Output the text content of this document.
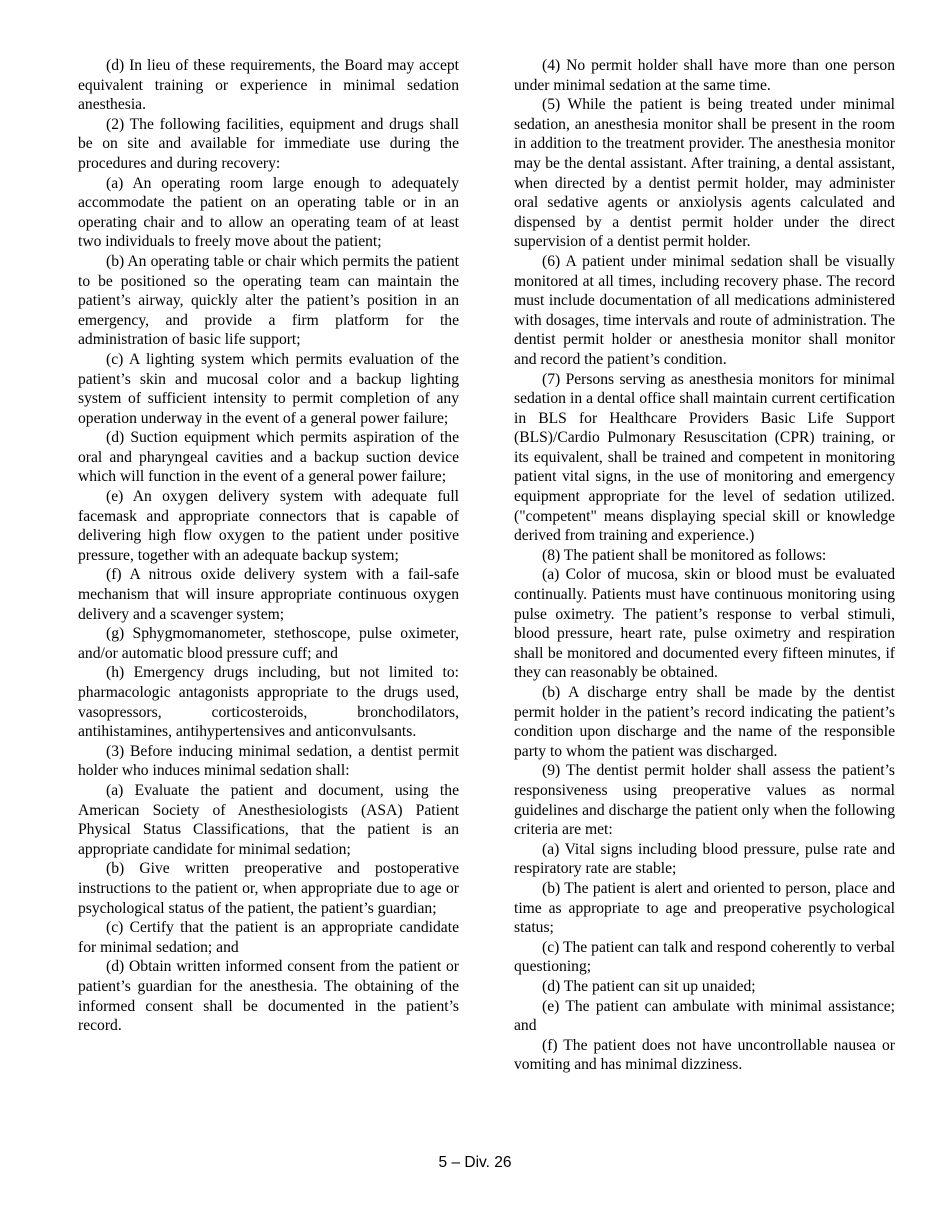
(d) In lieu of these requirements, the Board may accept equivalent training or experience in minimal sedation anesthesia.

(2) The following facilities, equipment and drugs shall be on site and available for immediate use during the procedures and during recovery:

(a) An operating room large enough to adequately accommodate the patient on an operating table or in an operating chair and to allow an operating team of at least two individuals to freely move about the patient;

(b) An operating table or chair which permits the patient to be positioned so the operating team can maintain the patient’s airway, quickly alter the patient’s position in an emergency, and provide a firm platform for the administration of basic life support;

(c) A lighting system which permits evaluation of the patient’s skin and mucosal color and a backup lighting system of sufficient intensity to permit completion of any operation underway in the event of a general power failure;

(d) Suction equipment which permits aspiration of the oral and pharyngeal cavities and a backup suction device which will function in the event of a general power failure;

(e) An oxygen delivery system with adequate full facemask and appropriate connectors that is capable of delivering high flow oxygen to the patient under positive pressure, together with an adequate backup system;

(f) A nitrous oxide delivery system with a fail-safe mechanism that will insure appropriate continuous oxygen delivery and a scavenger system;

(g) Sphygmomanometer, stethoscope, pulse oximeter, and/or automatic blood pressure cuff; and

(h) Emergency drugs including, but not limited to: pharmacologic antagonists appropriate to the drugs used, vasopressors, corticosteroids, bronchodilators, antihistamines, antihypertensives and anticonvulsants.

(3) Before inducing minimal sedation, a dentist permit holder who induces minimal sedation shall:

(a) Evaluate the patient and document, using the American Society of Anesthesiologists (ASA) Patient Physical Status Classifications, that the patient is an appropriate candidate for minimal sedation;

(b) Give written preoperative and postoperative instructions to the patient or, when appropriate due to age or psychological status of the patient, the patient’s guardian;

(c) Certify that the patient is an appropriate candidate for minimal sedation; and

(d) Obtain written informed consent from the patient or patient’s guardian for the anesthesia. The obtaining of the informed consent shall be documented in the patient’s record.

(4) No permit holder shall have more than one person under minimal sedation at the same time.

(5) While the patient is being treated under minimal sedation, an anesthesia monitor shall be present in the room in addition to the treatment provider. The anesthesia monitor may be the dental assistant. After training, a dental assistant, when directed by a dentist permit holder, may administer oral sedative agents or anxiolysis agents calculated and dispensed by a dentist permit holder under the direct supervision of a dentist permit holder.

(6) A patient under minimal sedation shall be visually monitored at all times, including recovery phase. The record must include documentation of all medications administered with dosages, time intervals and route of administration. The dentist permit holder or anesthesia monitor shall monitor and record the patient’s condition.

(7) Persons serving as anesthesia monitors for minimal sedation in a dental office shall maintain current certification in BLS for Healthcare Providers Basic Life Support (BLS)/Cardio Pulmonary Resuscitation (CPR) training, or its equivalent, shall be trained and competent in monitoring patient vital signs, in the use of monitoring and emergency equipment appropriate for the level of sedation utilized. ("competent" means displaying special skill or knowledge derived from training and experience.)

(8) The patient shall be monitored as follows:

(a) Color of mucosa, skin or blood must be evaluated continually. Patients must have continuous monitoring using pulse oximetry. The patient’s response to verbal stimuli, blood pressure, heart rate, pulse oximetry and respiration shall be monitored and documented every fifteen minutes, if they can reasonably be obtained.

(b) A discharge entry shall be made by the dentist permit holder in the patient’s record indicating the patient’s condition upon discharge and the name of the responsible party to whom the patient was discharged.

(9) The dentist permit holder shall assess the patient’s responsiveness using preoperative values as normal guidelines and discharge the patient only when the following criteria are met:

(a) Vital signs including blood pressure, pulse rate and respiratory rate are stable;

(b) The patient is alert and oriented to person, place and time as appropriate to age and preoperative psychological status;

(c) The patient can talk and respond coherently to verbal questioning;

(d) The patient can sit up unaided;

(e) The patient can ambulate with minimal assistance; and

(f) The patient does not have uncontrollable nausea or vomiting and has minimal dizziness.

5 – Div. 26
